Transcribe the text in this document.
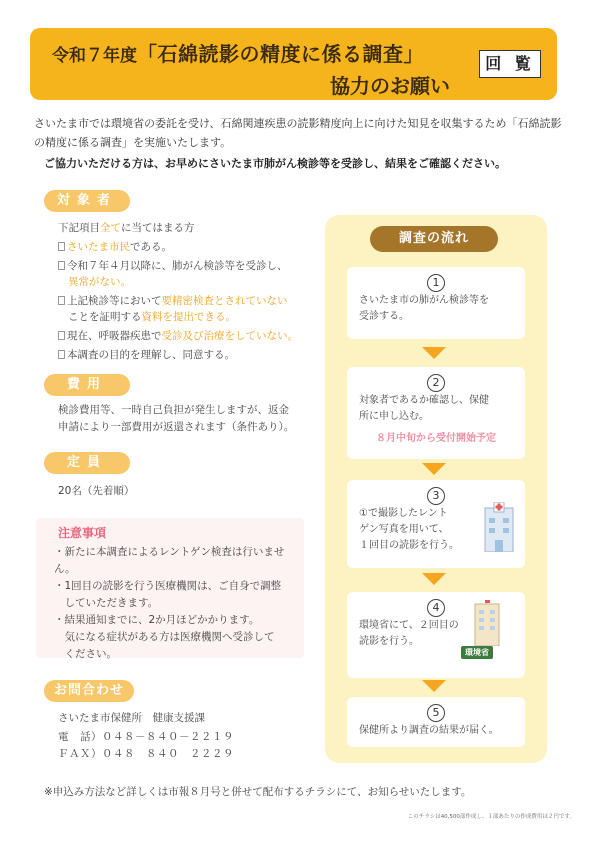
令和７年度「石綿読影の精度に係る調査」
協力のお願い
回 覧
さいたま市では環境省の委託を受け、石綿関連疾患の読影精度向上に向けた知見を収集するため「石綿読影の精度に係る調査」を実施いたします。
ご協力いただける方は、お早めにさいたま市肺がん検診等を受診し、結果をご確認ください。
対象者
下記項目全てに当てはまる方
さいたま市民である。
令和７年４月以降に、肺がん検診等を受診し、
異常がない。
上記検診等において要精密検査とされていない
ことを証明する資料を提出できる。
現在、呼吸器疾患で受診及び治療をしていない。
本調査の目的を理解し、同意する。
費用
検診費用等、一時自己負担が発生しますが、返金
申請により一部費用が返還されます（条件あり）。
定員
20名（先着順）
注意事項
・新たに本調査によるレントゲン検査は行いません。
・1回目の読影を行う医療機関は、ご自身で調整
　していただきます。
・結果通知までに、2か月ほどかかります。
　気になる症状がある方は医療機関へ受診して
　ください。
お問合わせ
さいたま市保健所　健康支援課
電　話）０４８－８４０－２２１９
ＦＡＸ）０４８　８４０　２２２９
調査の流れ
1
さいたま市の肺がん検診等を
受診する。
2
対象者であるか確認し、保健
所に申し込む。
８月中旬から受付開始予定
3
①で撮影したレント
ゲン写真を用いて、
１回目の読影を行う。
4
環境省にて、２回目の
読影を行う。
環境省
5
保健所より調査の結果が届く。
※申込み方法など詳しくは市報８月号と併せて配布するチラシにて、お知らせいたします。
このチラシは40,500部作成し、１部あたりの作成費用は２円です。
